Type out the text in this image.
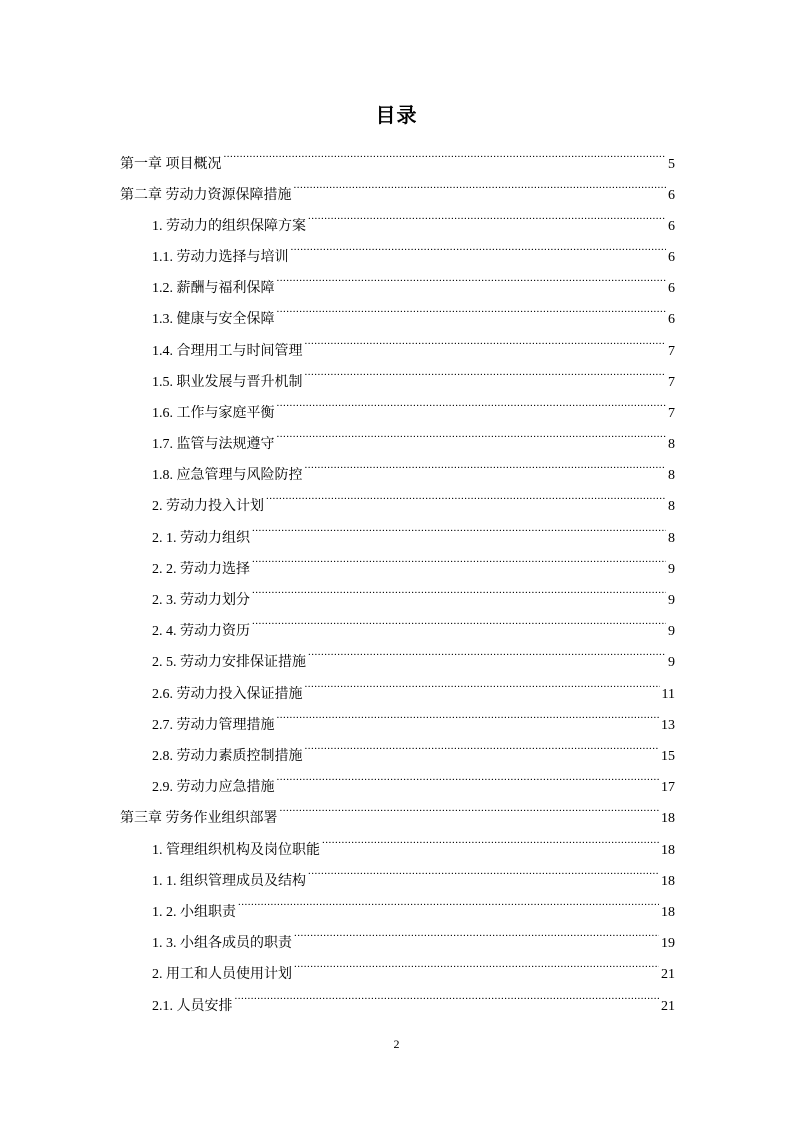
目录
第一章 项目概况 .....	5
第二章 劳动力资源保障措施 .....	6
1. 劳动力的组织保障方案 .....	6
1.1. 劳动力选择与培训 .....	6
1.2. 薪酬与福利保障 .....	6
1.3. 健康与安全保障 .....	6
1.4. 合理用工与时间管理 .....	7
1.5. 职业发展与晋升机制 .....	7
1.6. 工作与家庭平衡 .....	7
1.7. 监管与法规遵守 .....	8
1.8. 应急管理与风险防控 .....	8
2. 劳动力投入计划 .....	8
2. 1. 劳动力组织 .....	8
2. 2. 劳动力选择 .....	9
2. 3. 劳动力划分 .....	9
2. 4. 劳动力资历 .....	9
2. 5. 劳动力安排保证措施 .....	9
2.6. 劳动力投入保证措施 .....	11
2.7. 劳动力管理措施 .....	13
2.8. 劳动力素质控制措施 .....	15
2.9. 劳动力应急措施 .....	17
第三章 劳务作业组织部署 .....	18
1. 管理组织机构及岗位职能 .....	18
1. 1. 组织管理成员及结构 .....	18
1. 2. 小组职责 .....	18
1. 3. 小组各成员的职责 .....	19
2. 用工和人员使用计划 .....	21
2.1. 人员安排 .....	21
2
